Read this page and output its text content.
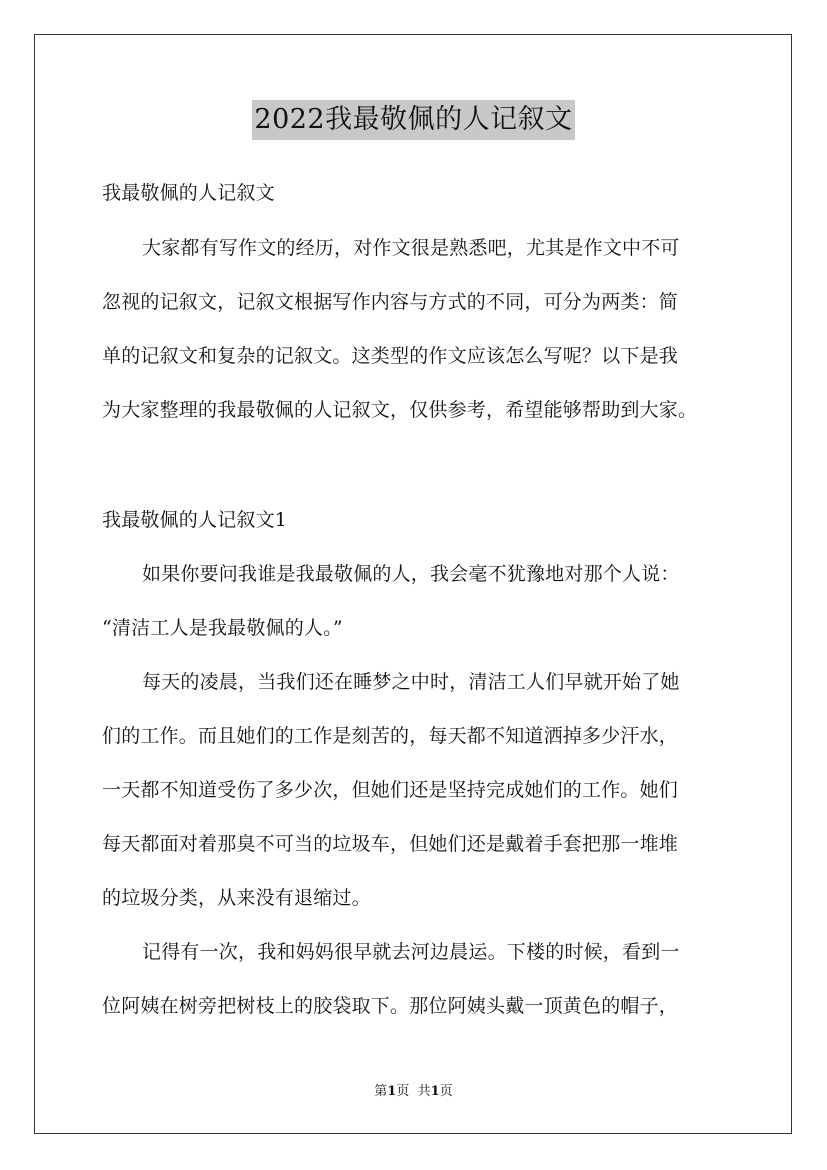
2022我最敬佩的人记叙文
我最敬佩的人记叙文
大家都有写作文的经历，对作文很是熟悉吧，尤其是作文中不可
忽视的记叙文，记叙文根据写作内容与方式的不同，可分为两类：简
单的记叙文和复杂的记叙文。这类型的作文应该怎么写呢？以下是我
为大家整理的我最敬佩的人记叙文，仅供参考，希望能够帮助到大家。
我最敬佩的人记叙文1
如果你要问我谁是我最敬佩的人，我会毫不犹豫地对那个人说：
“清洁工人是我最敬佩的人。”
每天的凌晨，当我们还在睡梦之中时，清洁工人们早就开始了她
们的工作。而且她们的工作是刻苦的，每天都不知道洒掉多少汗水，
一天都不知道受伤了多少次，但她们还是坚持完成她们的工作。她们
每天都面对着那臭不可当的垃圾车，但她们还是戴着手套把那一堆堆
的垃圾分类，从来没有退缩过。
记得有一次，我和妈妈很早就去河边晨运。下楼的时候，看到一
位阿姨在树旁把树枝上的胶袋取下。那位阿姨头戴一顶黄色的帽子，
第1页 共1页
